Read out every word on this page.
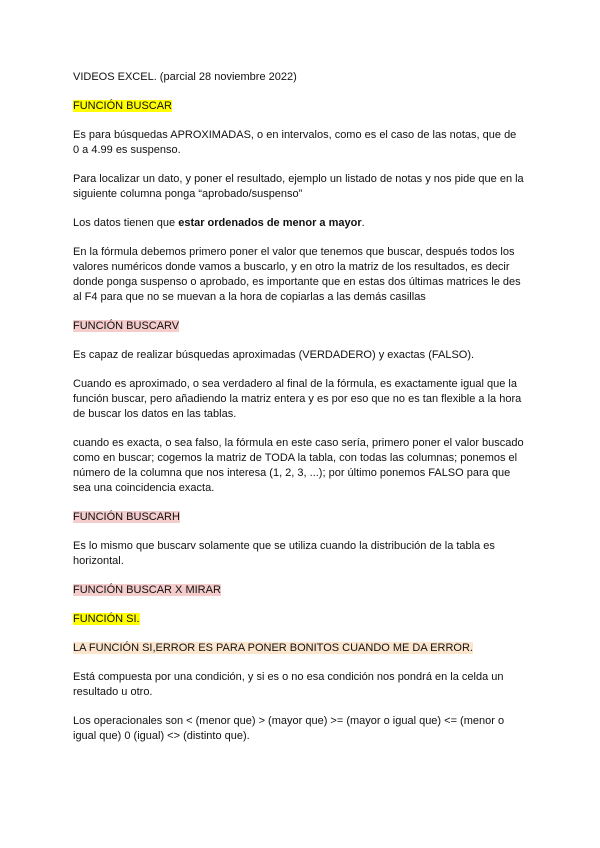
VIDEOS EXCEL. (parcial 28 noviembre 2022)

FUNCIÓN BUSCAR

Es para búsquedas APROXIMADAS, o en intervalos, como es el caso de las notas, que de
0 a 4.99 es suspenso.

Para localizar un dato, y poner el resultado, ejemplo un listado de notas y nos pide que en la
siguiente columna ponga “aprobado/suspenso”

Los datos tienen que estar ordenados de menor a mayor.

En la fórmula debemos primero poner el valor que tenemos que buscar, después todos los
valores numéricos donde vamos a buscarlo, y en otro la matriz de los resultados, es decir
donde ponga suspenso o aprobado, es importante que en estas dos últimas matrices le des
al F4 para que no se muevan a la hora de copiarlas a las demás casillas

FUNCIÓN BUSCARV

Es capaz de realizar búsquedas aproximadas (VERDADERO) y exactas (FALSO).

Cuando es aproximado, o sea verdadero al final de la fórmula, es exactamente igual que la
función buscar, pero añadiendo la matriz entera y es por eso que no es tan flexible a la hora
de buscar los datos en las tablas.

cuando es exacta, o sea falso, la fórmula en este caso sería, primero poner el valor buscado
como en buscar; cogemos la matriz de TODA la tabla, con todas las columnas; ponemos el
número de la columna que nos interesa (1, 2, 3, ...); por último ponemos FALSO para que
sea una coincidencia exacta.

FUNCIÓN BUSCARH

Es lo mismo que buscarv solamente que se utiliza cuando la distribución de la tabla es
horizontal.

FUNCIÓN BUSCAR X MIRAR

FUNCIÓN SI.

LA FUNCIÓN SI,ERROR ES PARA PONER BONITOS CUANDO ME DA ERROR.

Está compuesta por una condición, y si es o no esa condición nos pondrá en la celda un
resultado u otro.

Los operacionales son < (menor que) > (mayor que) >= (mayor o igual que) <= (menor o
igual que) 0 (igual) <> (distinto que).
